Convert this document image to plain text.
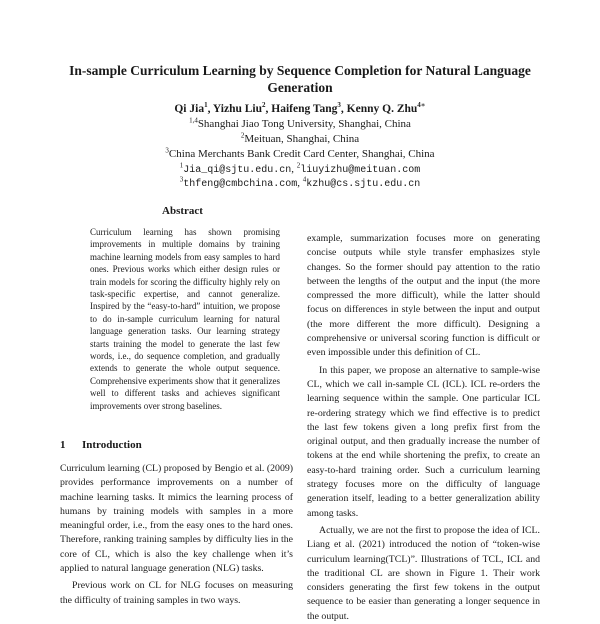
In-sample Curriculum Learning by Sequence Completion for Natural Language Generation
Qi Jia$^1$, Yizhu Liu$^2$, Haifeng Tang$^3$, Kenny Q. Zhu$^{4∗}$
$^{1,4}$Shanghai Jiao Tong University, Shanghai, China
$^2$Meituan, Shanghai, China
$^3$China Merchants Bank Credit Card Center, Shanghai, China
$^1$Jia_qi@sjtu.edu.cn, $^2$liuyizhu@meituan.com
$^3$thfeng@cmbchina.com, $^4$kzhu@cs.sjtu.edu.cn
Abstract

Curriculum learning has shown promising improvements in multiple domains by training machine learning models from easy samples to hard ones. Previous works which either design rules or train models for scoring the difficulty highly rely on task-specific expertise, and cannot generalize. Inspired by the “easy-to-hard” intuition, we propose to do in-sample curriculum learning for natural language generation tasks. Our learning strategy starts training the model to generate the last few words, i.e., do sequence completion, and gradually extends to generate the whole output sequence. Comprehensive experiments show that it generalizes well to different tasks and achieves significant improvements over strong baselines.

1 Introduction

Curriculum learning (CL) proposed by Bengio et al. (2009) provides performance improvements on a number of machine learning tasks. It mimics the learning process of humans by training models with samples in a more meaningful order, i.e., from the easy ones to the hard ones. Therefore, ranking training samples by difficulty lies in the core of CL, which is also the key challenge when it’s applied to natural language generation (NLG) tasks.

Previous work on CL for NLG focuses on measuring the difficulty of training samples in two ways.

example, summarization focuses more on generating concise outputs while style transfer emphasizes style changes. So the former should pay attention to the ratio between the lengths of the output and the input (the more compressed the more difficult), while the latter should focus on differences in style between the input and output (the more different the more difficult). Designing a comprehensive or universal scoring function is difficult or even impossible under this definition of CL.

In this paper, we propose an alternative to sample-wise CL, which we call in-sample CL (ICL). ICL re-orders the learning sequence within the sample. One particular ICL re-ordering strategy which we find effective is to predict the last few tokens given a long prefix first from the original output, and then gradually increase the number of tokens at the end while shortening the prefix, to create an easy-to-hard training order. Such a curriculum learning strategy focuses more on the difficulty of language generation itself, leading to a better generalization ability among tasks.

Actually, we are not the first to propose the idea of ICL. Liang et al. (2021) introduced the notion of “token-wise curriculum learning(TCL)”. Illustrations of TCL, ICL and the traditional CL are shown in Figure 1. Their work considers generating the first few tokens in the output sequence to be easier than generating a longer sequence in the output.
